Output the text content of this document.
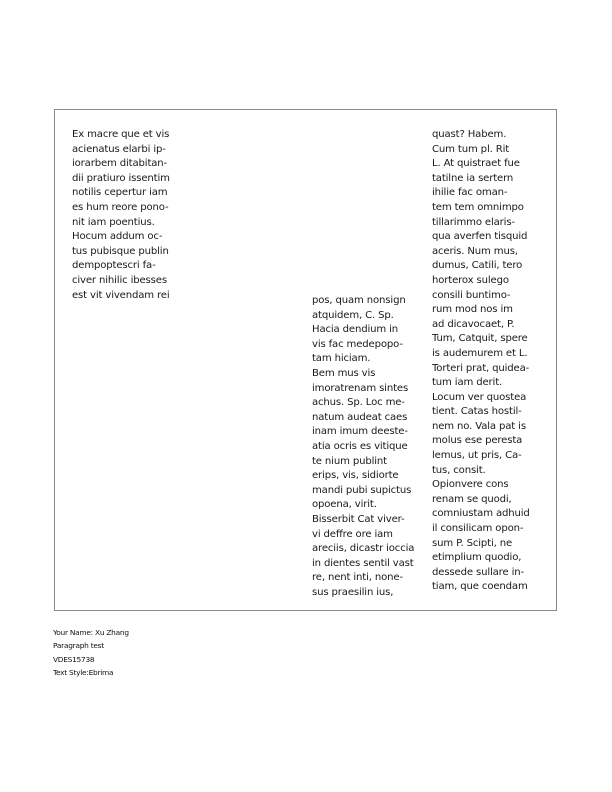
Ex macre que et vis
acienatus elarbi ip-
iorarbem ditabitan-
dii pratiuro issentim
notilis cepertur iam
es hum reore pono-
nit iam poentius.
Hocum addum oc-
tus pubisque publin
dempoptescri fa-
civer nihilic ibesses
est vit vivendam rei	pos, quam nonsign
atquidem, C. Sp.
Hacia dendium in
vis fac medepopo-
tam hiciam.
Bem mus vis
imoratrenam sintes
achus. Sp. Loc me-
natum audeat caes
inam imum deeste-
atia ocris es vitique
te nium publint
erips, vis, sidiorte
mandi pubi supictus
opoena, virit.
Bisserbit Cat viver-
vi deffre ore iam
areciis, dicastr ioccia
in dientes sentil vast
re, nent inti, none-
sus praesilin ius,
quast? Habem.
Cum tum pl. Rit
L. At quistraet fue
tatilne ia sertern
ihilie fac oman-
tem tem omnimpo
tillarimmo elaris-
qua averfen tisquid
aceris. Num mus,
dumus, Catili, tero
horterox sulego
consili buntimo-
rum mod nos im
ad dicavocaet, P.
Tum, Catquit, spere
is audemurem et L.
Torteri prat, quidea-
tum iam derit.
Locum ver quostea
tient. Catas hostil-
nem no. Vala pat is
molus ese peresta
lemus, ut pris, Ca-
tus, consit.
Opionvere cons
renam se quodi,
comniustam adhuid
il consilicam opon-
sum P. Scipti, ne
etimplium quodio,
dessede sullare in-
tiam, que coendam
Your Name: Xu Zhang
Paragraph test
VDES15738
Text Style:Ebrima
